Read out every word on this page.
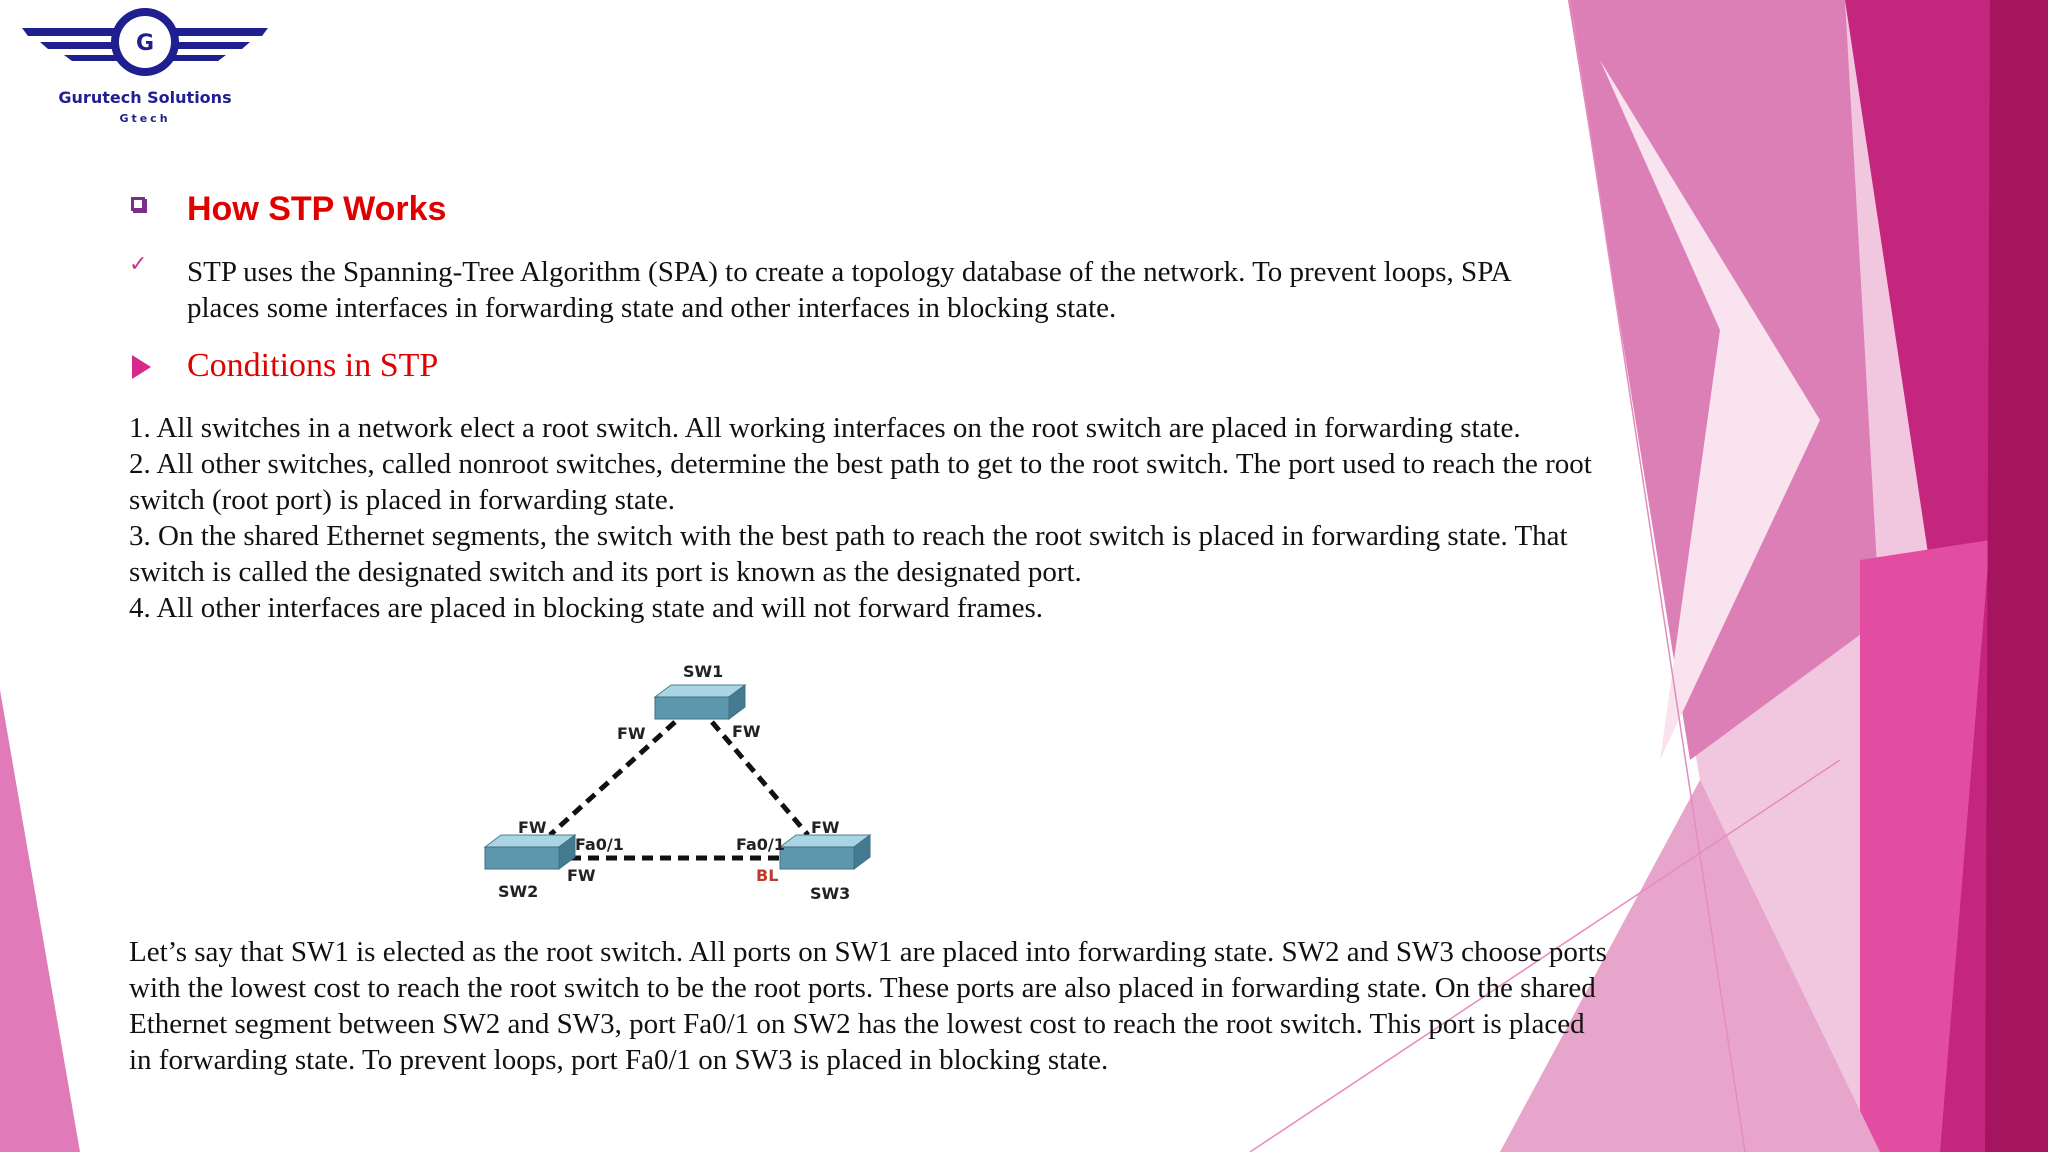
G
Gurutech Solutions
Gtech
How STP Works
✓ STP uses the Spanning-Tree Algorithm (SPA) to create a topology database of the network. To prevent loops, SPA places some interfaces in forwarding state and other interfaces in blocking state.
Conditions in STP
1. All switches in a network elect a root switch. All working interfaces on the root switch are placed in forwarding state.
2. All other switches, called nonroot switches, determine the best path to get to the root switch. The port used to reach the root switch (root port) is placed in forwarding state.
3. On the shared Ethernet segments, the switch with the best path to reach the root switch is placed in forwarding state. That switch is called the designated switch and its port is known as the designated port.
4. All other interfaces are placed in blocking state and will not forward frames.
Let’s say that SW1 is elected as the root switch. All ports on SW1 are placed into forwarding state. SW2 and SW3 choose ports with the lowest cost to reach the root switch to be the root ports. These ports are also placed in forwarding state. On the shared Ethernet segment between SW2 and SW3, port Fa0/1 on SW2 has the lowest cost to reach the root switch. This port is placed in forwarding state. To prevent loops, port Fa0/1 on SW3 is placed in blocking state.
SW1
SW2	SW3
FW	FW
FW
Fa0/1
FW
Fa0/1
FW
BL
